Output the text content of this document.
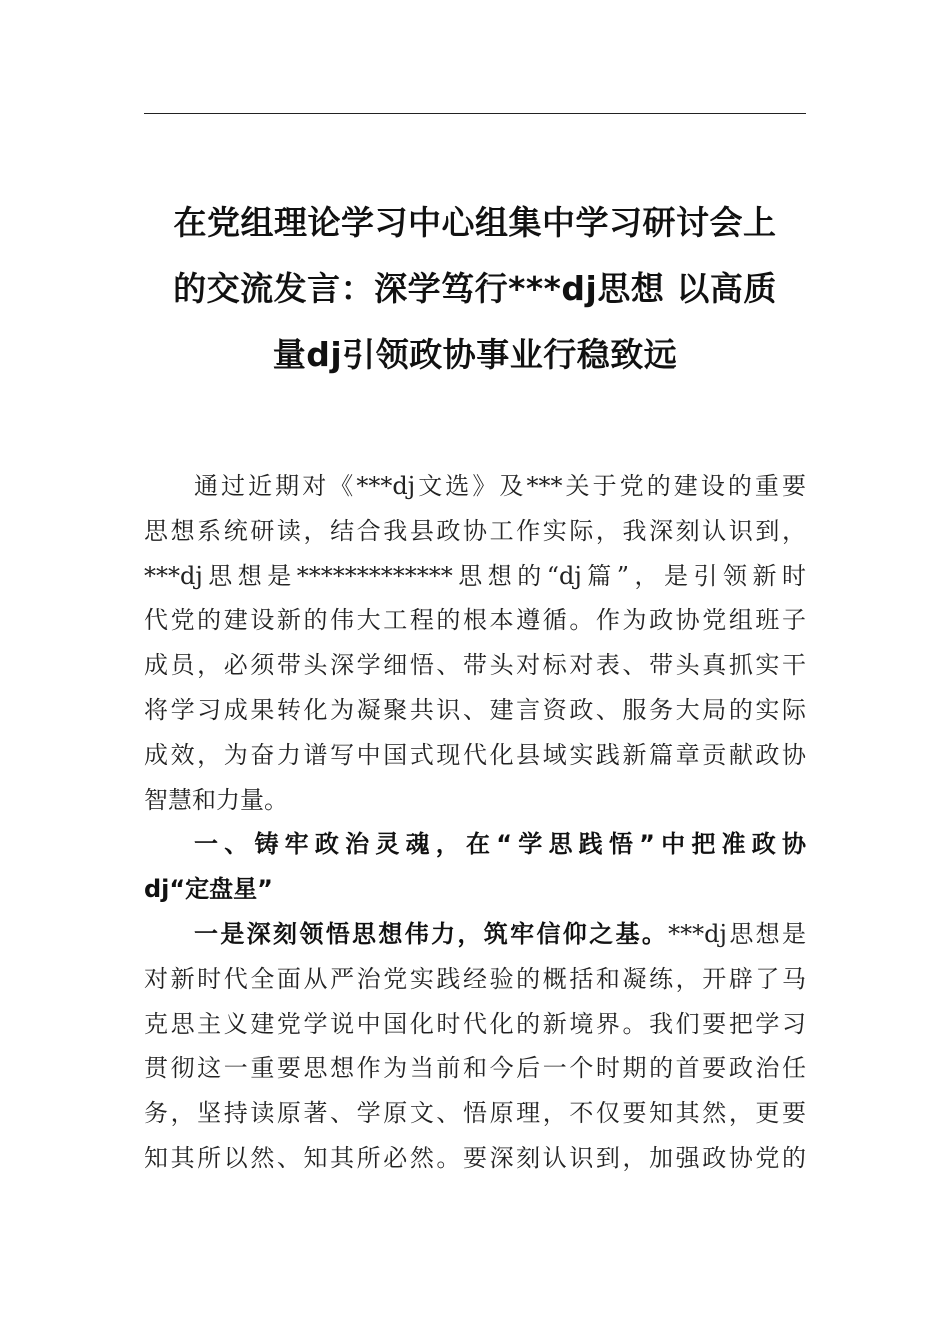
在党组理论学习中心组集中学习研讨会上
的交流发言：深学笃行***dj思想 以高质
量dj引领政协事业行稳致远
通过近期对《***dj文选》及***关于党的建设的重要
思想系统研读，结合我县政协工作实际，我深刻认识到，
***dj思想是*************思想的“dj篇”，是引领新时
代党的建设新的伟大工程的根本遵循。作为政协党组班子
成员，必须带头深学细悟、带头对标对表、带头真抓实干
将学习成果转化为凝聚共识、建言资政、服务大局的实际
成效，为奋力谱写中国式现代化县域实践新篇章贡献政协
智慧和力量。
一、铸牢政治灵魂，在“学思践悟”中把准政协
dj“定盘星”
一是深刻领悟思想伟力，筑牢信仰之基。***dj思想是
对新时代全面从严治党实践经验的概括和凝练，开辟了马
克思主义建党学说中国化时代化的新境界。我们要把学习
贯彻这一重要思想作为当前和今后一个时期的首要政治任
务，坚持读原著、学原文、悟原理，不仅要知其然，更要
知其所以然、知其所必然。要深刻认识到，加强政协党的
